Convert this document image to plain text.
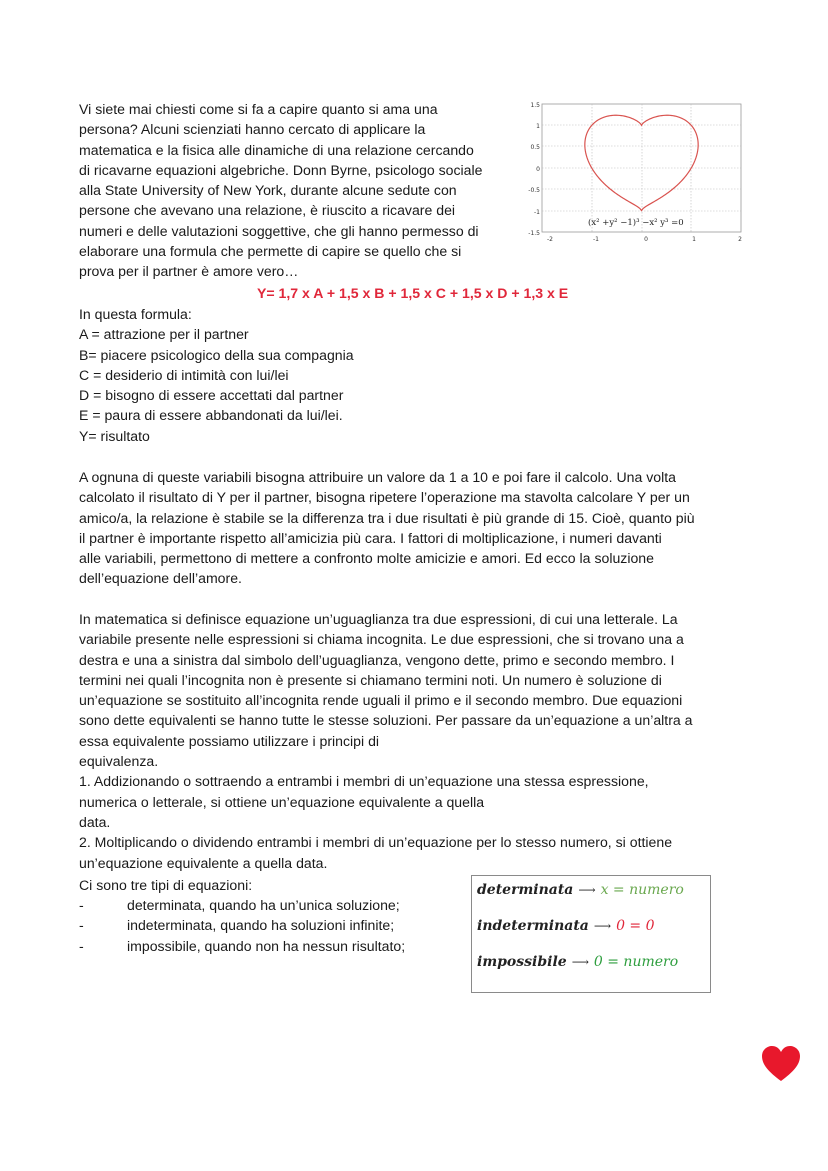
Vi siete mai chiesti come si fa a capire quanto si ama una
persona? Alcuni scienziati hanno cercato di applicare la
matematica e la fisica alle dinamiche di una relazione cercando
di ricavarne equazioni algebriche. Donn Byrne, psicologo sociale
alla State University of New York, durante alcune sedute con
persone che avevano una relazione, è riuscito a ricavare dei
numeri e delle valutazioni soggettive, che gli hanno permesso di
elaborare una formula che permette di capire se quello che si
prova per il partner è amore vero…
1.5
1
0.5
0
-0.5
-1
-1.5
-2	-1	0	1	2
(x² +y² −1)³ −x² y³ =0
Y= 1,7 x A + 1,5 x B + 1,5 x C + 1,5 x D + 1,3 x E
In questa formula:
A = attrazione per il partner
B= piacere psicologico della sua compagnia
C = desiderio di intimità con lui/lei
D = bisogno di essere accettati dal partner
E = paura di essere abbandonati da lui/lei.
Y= risultato
A ognuna di queste variabili bisogna attribuire un valore da 1 a 10 e poi fare il calcolo. Una volta
calcolato il risultato di Y per il partner, bisogna ripetere l’operazione ma stavolta calcolare Y per un
amico/a, la relazione è stabile se la differenza tra i due risultati è più grande di 15. Cioè, quanto più
il partner è importante rispetto all’amicizia più cara. I fattori di moltiplicazione, i numeri davanti
alle variabili, permettono di mettere a confronto molte amicizie e amori. Ed ecco la soluzione
dell’equazione dell’amore.
In matematica si definisce equazione un’uguaglianza tra due espressioni, di cui una letterale. La
variabile presente nelle espressioni si chiama incognita. Le due espressioni, che si trovano una a
destra e una a sinistra dal simbolo dell’uguaglianza, vengono dette, primo e secondo membro. I
termini nei quali l’incognita non è presente si chiamano termini noti. Un numero è soluzione di
un’equazione se sostituito all’incognita rende uguali il primo e il secondo membro. Due equazioni
sono dette equivalenti se hanno tutte le stesse soluzioni. Per passare da un’equazione a un’altra a
essa equivalente possiamo utilizzare i principi di
equivalenza.
1. Addizionando o sottraendo a entrambi i membri di un’equazione una stessa espressione,
numerica o letterale, si ottiene un’equazione equivalente a quella
data.
2. Moltiplicando o dividendo entrambi i membri di un’equazione per lo stesso numero, si ottiene
un’equazione equivalente a quella data.
Ci sono tre tipi di equazioni:
-	determinata, quando ha un’unica soluzione;
-	indeterminata, quando ha soluzioni infinite;
-	impossibile, quando non ha nessun risultato;
determinata ⟶ x = numero
indeterminata ⟶ 0 = 0
impossibile ⟶ 0 = numero
